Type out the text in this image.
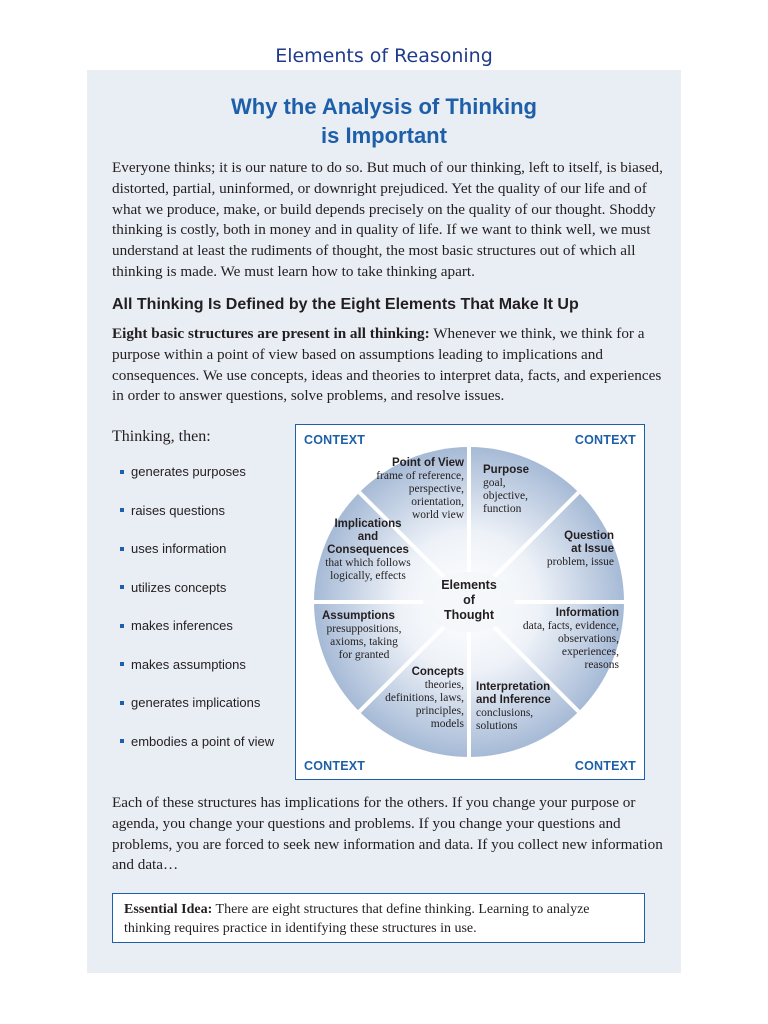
Elements of Reasoning
Why the Analysis of Thinking
is Important

Everyone thinks; it is our nature to do so. But much of our thinking, left to itself, is biased, distorted, partial, uninformed, or downright prejudiced. Yet the quality of our life and of what we produce, make, or build depends precisely on the quality of our thought. Shoddy thinking is costly, both in money and in quality of life. If we want to think well, we must understand at least the rudiments of thought, the most basic structures out of which all thinking is made. We must learn how to take thinking apart.

All Thinking Is Defined by the Eight Elements That Make It Up

Eight basic structures are present in all thinking: Whenever we think, we think for a purpose within a point of view based on assumptions leading to implications and consequences. We use concepts, ideas and theories to interpret data, facts, and experiences in order to answer questions, solve problems, and resolve issues.

Thinking, then:
generates purposes
raises questions
uses information
utilizes concepts
makes inferences
makes assumptions
generates implications
embodies a point of view
CONTEXT	CONTEXT
CONTEXT	CONTEXT
Point of View
frame of reference,
perspective,
orientation,
world view
Purpose
goal,
objective,
function
Question
at Issue
problem, issue
Information
data, facts, evidence,
observations,
experiences,
reasons
Interpretation
and Inference
conclusions,
solutions
Concepts
theories,
definitions, laws,
principles,
models
Assumptions
presuppositions,
axioms, taking
for granted
Implications
and
Consequences
that which follows
logically, effects
Elements
of
Thought

Each of these structures has implications for the others. If you change your purpose or agenda, you change your questions and problems. If you change your questions and problems, you are forced to seek new information and data. If you collect new information and data…

Essential Idea: There are eight structures that define thinking. Learning to analyze thinking requires practice in identifying these structures in use.
